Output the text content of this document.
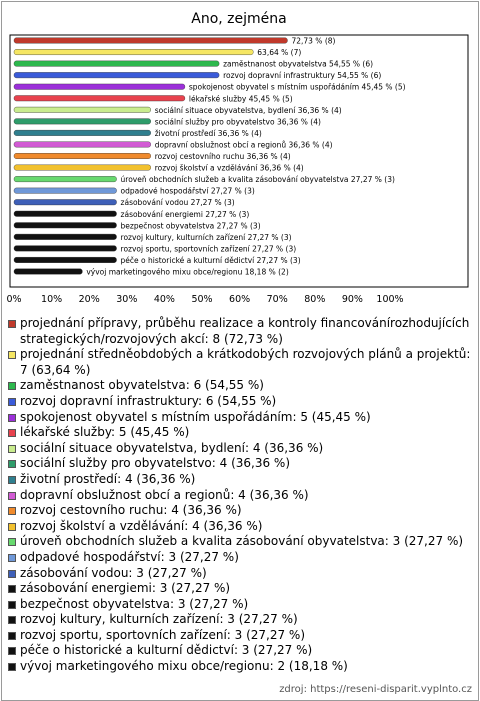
Ano, zejména
72,73 % (8)
63,64 % (7)
zaměstnanost obyvatelstva 54,55 % (6)
rozvoj dopravní infrastruktury 54,55 % (6)
spokojenost obyvatel s místním uspořádáním 45,45 % (5)
lékařské služby 45,45 % (5)
sociální situace obyvatelstva, bydlení 36,36 % (4)
sociální služby pro obyvatelstvo 36,36 % (4)
životní prostředí 36,36 % (4)
dopravní obslužnost obcí a regionů 36,36 % (4)
rozvoj cestovního ruchu 36,36 % (4)
rozvoj školství a vzdělávání 36,36 % (4)
úroveň obchodních služeb a kvalita zásobování obyvatelstva 27,27 % (3)
odpadové hospodářství 27,27 % (3)
zásobování vodou 27,27 % (3)
zásobování energiemi 27,27 % (3)
bezpečnost obyvatelstva 27,27 % (3)
rozvoj kultury, kulturních zařízení 27,27 % (3)
rozvoj sportu, sportovních zařízení 27,27 % (3)
péče o historické a kulturní dědictví 27,27 % (3)
vývoj marketingového mixu obce/regionu 18,18 % (2)
0% 10% 20% 30% 40% 50% 60% 70% 80% 90% 100%
projednání přípravy, průběhu realizace a kontroly financovánírozhodujících strategických/rozvojových akcí: 8 (72,73 %)
projednání středněobdobých a krátkodobých rozvojových plánů a projektů: 7 (63,64 %)
zaměstnanost obyvatelstva: 6 (54,55 %)
rozvoj dopravní infrastruktury: 6 (54,55 %)
spokojenost obyvatel s místním uspořádáním: 5 (45,45 %)
lékařské služby: 5 (45,45 %)
sociální situace obyvatelstva, bydlení: 4 (36,36 %)
sociální služby pro obyvatelstvo: 4 (36,36 %)
životní prostředí: 4 (36,36 %)
dopravní obslužnost obcí a regionů: 4 (36,36 %)
rozvoj cestovního ruchu: 4 (36,36 %)
rozvoj školství a vzdělávání: 4 (36,36 %)
úroveň obchodních služeb a kvalita zásobování obyvatelstva: 3 (27,27 %)
odpadové hospodářství: 3 (27,27 %)
zásobování vodou: 3 (27,27 %)
zásobování energiemi: 3 (27,27 %)
bezpečnost obyvatelstva: 3 (27,27 %)
rozvoj kultury, kulturních zařízení: 3 (27,27 %)
rozvoj sportu, sportovních zařízení: 3 (27,27 %)
péče o historické a kulturní dědictví: 3 (27,27 %)
vývoj marketingového mixu obce/regionu: 2 (18,18 %)
zdroj: https://reseni-disparit.vyplnto.cz
